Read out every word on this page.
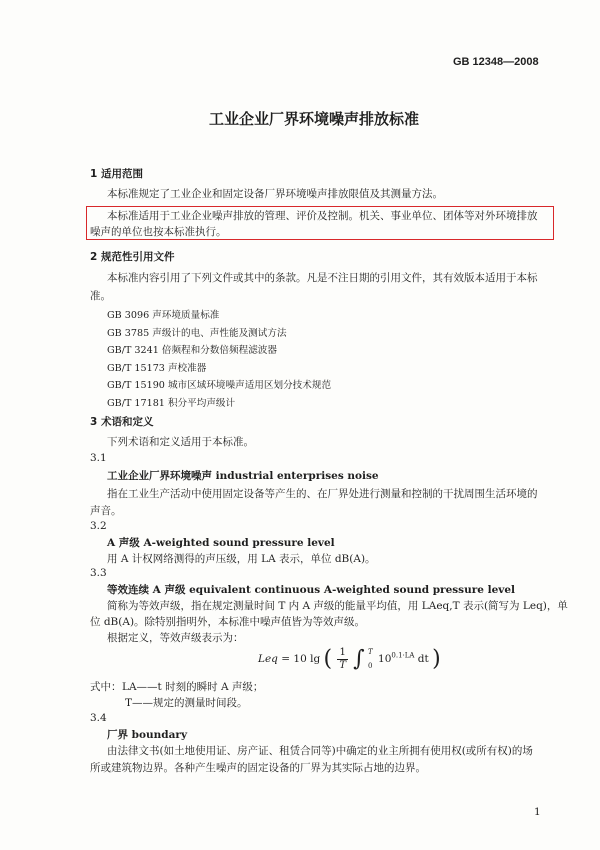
GB 12348—2008
工业企业厂界环境噪声排放标准
1 适用范围
本标准规定了工业企业和固定设备厂界环境噪声排放限值及其测量方法。
本标准适用于工业企业噪声排放的管理、评价及控制。机关、事业单位、团体等对外环境排放
噪声的单位也按本标准执行。
2 规范性引用文件
本标准内容引用了下列文件或其中的条款。凡是不注日期的引用文件，其有效版本适用于本标
准。
GB 3096 声环境质量标准
GB 3785 声级计的电、声性能及测试方法
GB/T 3241 倍频程和分数倍频程滤波器
GB/T 15173 声校准器
GB/T 15190 城市区域环境噪声适用区划分技术规范
GB/T 17181 积分平均声级计
3 术语和定义
下列术语和定义适用于本标准。
3.1
工业企业厂界环境噪声 industrial enterprises noise
指在工业生产活动中使用固定设备等产生的、在厂界处进行测量和控制的干扰周围生活环境的
声音。
3.2
A 声级 A-weighted sound pressure level
用 A 计权网络测得的声压级，用 LA 表示，单位 dB(A)。
3.3
等效连续 A 声级 equivalent continuous A-weighted sound pressure level
简称为等效声级，指在规定测量时间 T 内 A 声级的能量平均值，用 LAeq,T 表示(简写为 Leq)，单
位 dB(A)。除特别指明外，本标准中噪声值皆为等效声级。
根据定义，等效声级表示为：
Leq = 10 lg ( $\frac{1}{T}$ ∫ T
0
$10^{0.1\cdot LA}$ dt )
式中： LA——t 时刻的瞬时 A 声级；
T——规定的测量时间段。
3.4
厂界 boundary
由法律文书(如土地使用证、房产证、租赁合同等)中确定的业主所拥有使用权(或所有权)的场
所或建筑物边界。各种产生噪声的固定设备的厂界为其实际占地的边界。
1
